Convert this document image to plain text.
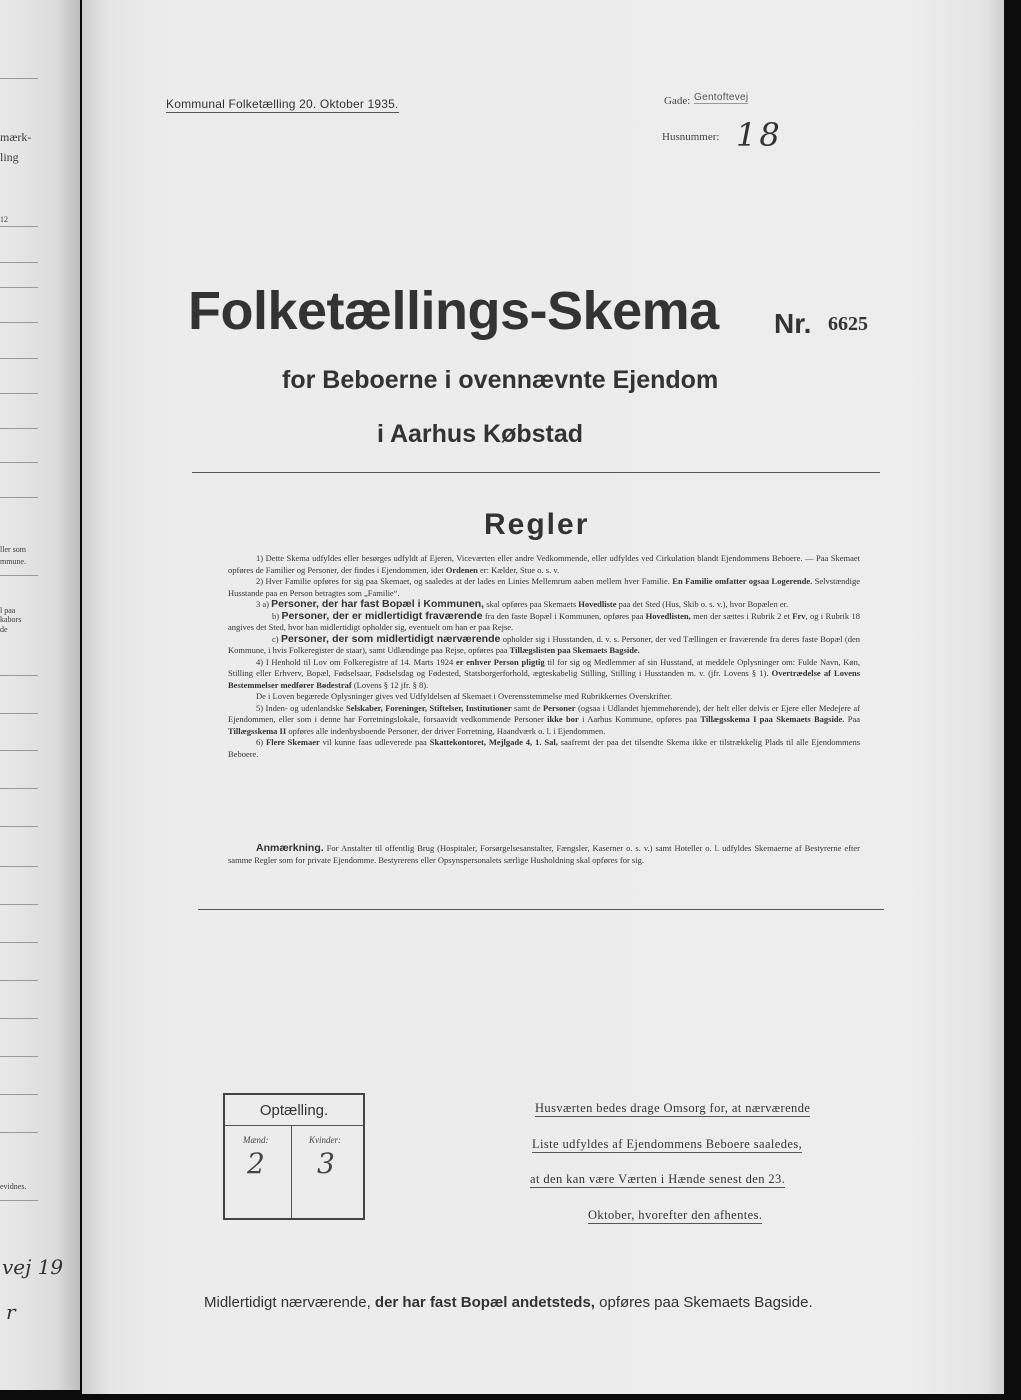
mærk-
ling
12
ller som
mmune.
l paa
kabors
de
evidnes.
vej 19
r
Kommunal Folketælling 20. Oktober 1935.	Gade: Gentoftevej
Husnummer: 18
Folketællings-Skema Nr. 6625
for Beboerne i ovennævnte Ejendom
i Aarhus Købstad
Regler

1) Dette Skema udfyldes eller besørges udfyldt af Ejeren, Viceværten eller andre Vedkommende, eller udfyldes ved Cirkulation blandt Ejendommens Beboere. — Paa Skemaet opføres de Familier og Personer, der findes i Ejendommen, idet Ordenen er: Kælder, Stue o. s. v.

2) Hver Familie opføres for sig paa Skemaet, og saaledes at der lades en Linies Mellemrum aaben mellem hver Familie. En Familie omfatter ogsaa Logerende. Selvstændige Husstande paa en Person betragtes som „Familie“.

3 a) Personer, der har fast Bopæl i Kommunen, skal opføres paa Skemaets Hovedliste paa det Sted (Hus, Skib o. s. v.), hvor Bopælen er.

b) Personer, der er midlertidigt fraværende fra den faste Bopæl i Kommunen, opføres paa Hovedlisten, men der sættes i Rubrik 2 et Frv, og i Rubrik 18 angives det Sted, hvor han midlertidigt opholder sig, eventuelt om han er paa Rejse.

c) Personer, der som midlertidigt nærværende opholder sig i Husstanden, d. v. s. Personer, der ved Tællingen er fraværende fra deres faste Bopæl (den Kommune, i hvis Folkeregister de staar), samt Udlændinge paa Rejse, opføres paa Tillægslisten paa Skemaets Bagside.

4) I Henhold til Lov om Folkeregistre af 14. Marts 1924 er enhver Person pligtig til for sig og Medlemmer af sin Husstand, at meddele Oplysninger om: Fulde Navn, Køn, Stilling eller Erhverv, Bopæl, Fødselsaar, Fødselsdag og Fødested, Statsborgerforhold, ægteskabelig Stilling, Stilling i Husstanden m. v. (jfr. Lovens § 1). Overtrædelse af Lovens Bestemmelser medfører Bødestraf (Lovens § 12 jfr. § 8).

De i Loven begærede Oplysninger gives ved Udfyldelsen af Skemaet i Overensstemmelse med Rubrikkernes Overskrifter.

5) Inden- og udenlandske Selskaber, Foreninger, Stiftelser, Institutioner samt de Personer (ogsaa i Udlandet hjemmehørende), der helt eller delvis er Ejere eller Medejere af Ejendommen, eller som i denne har Forretningslokale, forsaavidt vedkommende Personer ikke bor i Aarhus Kommune, opføres paa Tillægsskema I paa Skemaets Bagside. Paa Tillægsskema II opføres alle indenbysboende Personer, der driver Forretning, Haandværk o. l. i Ejendommen.

6) Flere Skemaer vil kunne faas udleverede paa Skattekontoret, Mejlgade 4, 1. Sal, saafremt der paa det tilsendte Skema ikke er tilstrækkelig Plads til alle Ejendommens Beboere.

Anmærkning. For Anstalter til offentlig Brug (Hospitaler, Forsørgelsesanstalter, Fængsler, Kaserner o. s. v.) samt Hoteller o. l. udfyldes Skemaerne af Bestyrerne efter samme Regler som for private Ejendomme. Bestyrerens eller Opsynspersonalets særlige Husholdning skal opføres for sig.
Optælling.
Mænd:
2
Kvinder:
3
Husværten bedes drage Omsorg for, at nærværende
Liste udfyldes af Ejendommens Beboere saaledes,
at den kan være Værten i Hænde senest den 23.
Oktober, hvorefter den afhentes.
Midlertidigt nærværende, der har fast Bopæl andetsteds, opføres paa Skemaets Bagside.
